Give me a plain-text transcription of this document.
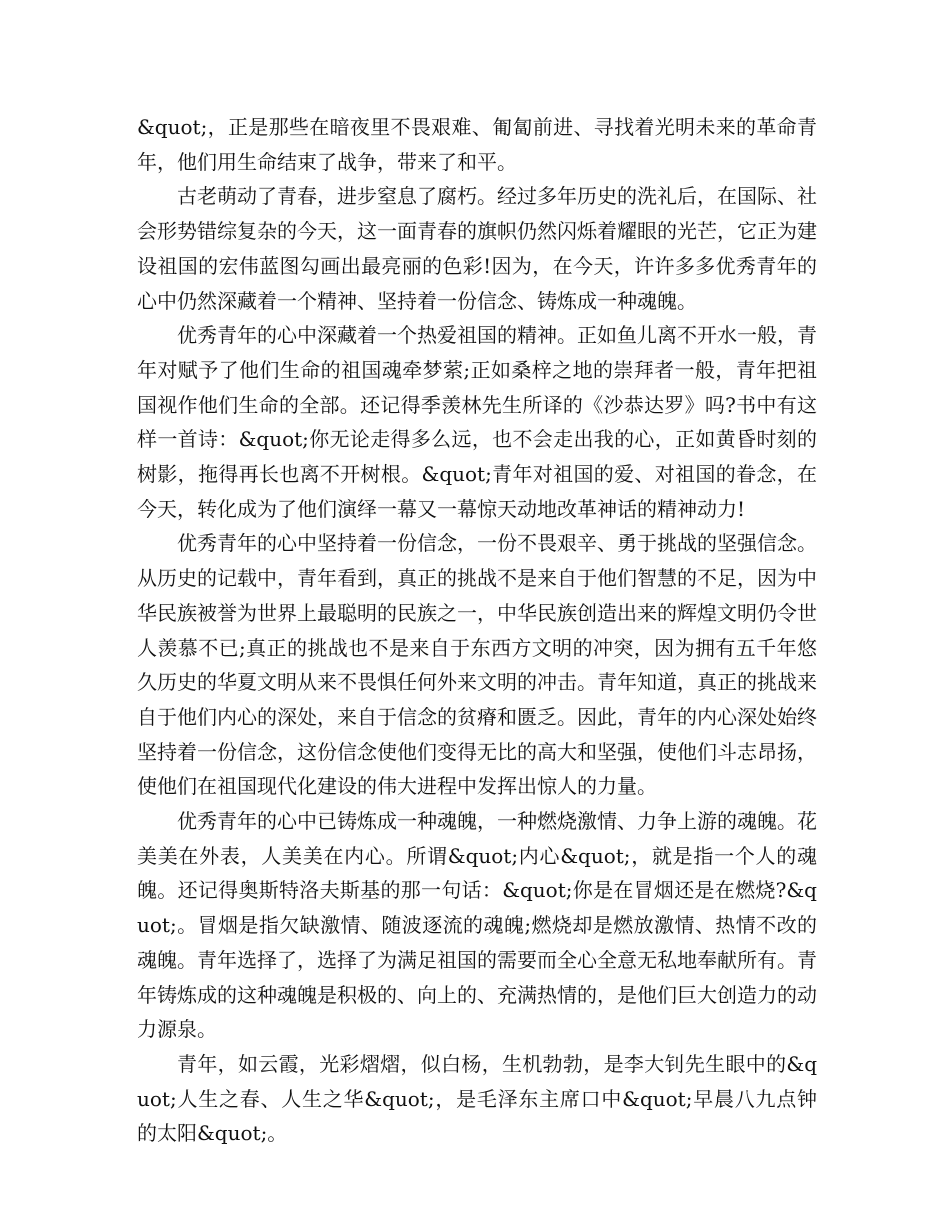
&quot;，正是那些在暗夜里不畏艰难、匍匐前进、寻找着光明未来的革命青年，他们用生命结束了战争，带来了和平。

古老萌动了青春，进步窒息了腐朽。经过多年历史的洗礼后，在国际、社会形势错综复杂的今天，这一面青春的旗帜仍然闪烁着耀眼的光芒，它正为建设祖国的宏伟蓝图勾画出最亮丽的色彩!因为，在今天，许许多多优秀青年的心中仍然深藏着一个精神、坚持着一份信念、铸炼成一种魂魄。

优秀青年的心中深藏着一个热爱祖国的精神。正如鱼儿离不开水一般，青年对赋予了他们生命的祖国魂牵梦萦;正如桑梓之地的崇拜者一般，青年把祖国视作他们生命的全部。还记得季羡林先生所译的《沙恭达罗》吗?书中有这样一首诗：&quot;你无论走得多么远，也不会走出我的心，正如黄昏时刻的树影，拖得再长也离不开树根。&quot;青年对祖国的爱、对祖国的眷念，在今天，转化成为了他们演绎一幕又一幕惊天动地改革神话的精神动力!

优秀青年的心中坚持着一份信念，一份不畏艰辛、勇于挑战的坚强信念。从历史的记载中，青年看到，真正的挑战不是来自于他们智慧的不足，因为中华民族被誉为世界上最聪明的民族之一，中华民族创造出来的辉煌文明仍令世人羡慕不已;真正的挑战也不是来自于东西方文明的冲突，因为拥有五千年悠久历史的华夏文明从来不畏惧任何外来文明的冲击。青年知道，真正的挑战来自于他们内心的深处，来自于信念的贫瘠和匮乏。因此，青年的内心深处始终坚持着一份信念，这份信念使他们变得无比的高大和坚强，使他们斗志昂扬，使他们在祖国现代化建设的伟大进程中发挥出惊人的力量。

优秀青年的心中已铸炼成一种魂魄，一种燃烧激情、力争上游的魂魄。花美美在外表，人美美在内心。所谓&quot;内心&quot;，就是指一个人的魂魄。还记得奥斯特洛夫斯基的那一句话：&quot;你是在冒烟还是在燃烧?&quot;。冒烟是指欠缺激情、随波逐流的魂魄;燃烧却是燃放激情、热情不改的魂魄。青年选择了，选择了为满足祖国的需要而全心全意无私地奉献所有。青年铸炼成的这种魂魄是积极的、向上的、充满热情的，是他们巨大创造力的动力源泉。

青年，如云霞，光彩熠熠，似白杨，生机勃勃，是李大钊先生眼中的&quot;人生之春、人生之华&quot;，是毛泽东主席口中&quot;早晨八九点钟的太阳&quot;。
